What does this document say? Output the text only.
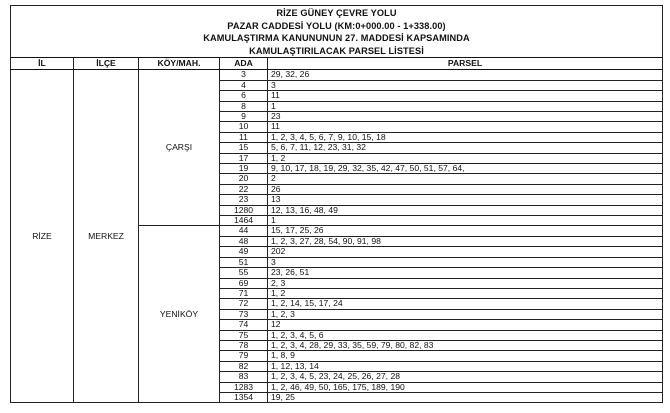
RİZE GÜNEY ÇEVRE YOLU
PAZAR CADDESİ YOLU (KM:0+000.00 - 1+338.00)
KAMULAŞTIRMA KANUNUNUN 27. MADDESİ KAPSAMINDA
KAMULAŞTIRILACAK PARSEL LİSTESİ
İL	İLÇE	KÖY/MAH.	ADA	PARSEL
RİZE	MERKEZ	ÇARŞI	3	29, 32, 26
			4	3
			6	11
			8	1
			9	23
			10	11
			11	1, 2, 3, 4, 5, 6, 7, 9, 10, 15, 18
			15	5, 6, 7, 11, 12, 23, 31, 32
			17	1, 2
			19	9, 10, 17, 18, 19, 29, 32, 35, 42, 47, 50, 51, 57, 64,
			20	2
			22	26
			23	13
			1280	12, 13, 16, 48, 49
			1464	1
		YENİKÖY	44	15, 17, 25, 26
			48	1, 2, 3, 27, 28, 54, 90, 91, 98
			49	202
			51	3
			55	23, 26, 51
			69	2, 3
			71	1, 2
			72	1, 2, 14, 15, 17, 24
			73	1, 2, 3
			74	12
			75	1, 2, 3, 4, 5, 6
			78	1, 2, 3, 4, 28, 29, 33, 35, 59, 79, 80, 82, 83
			79	1, 8, 9
			82	1, 12, 13, 14
			83	1, 2, 3, 4, 5, 23, 24, 25, 26, 27, 28
			1283	1, 2, 46, 49, 50, 165, 175, 189, 190
			1354	19, 25
